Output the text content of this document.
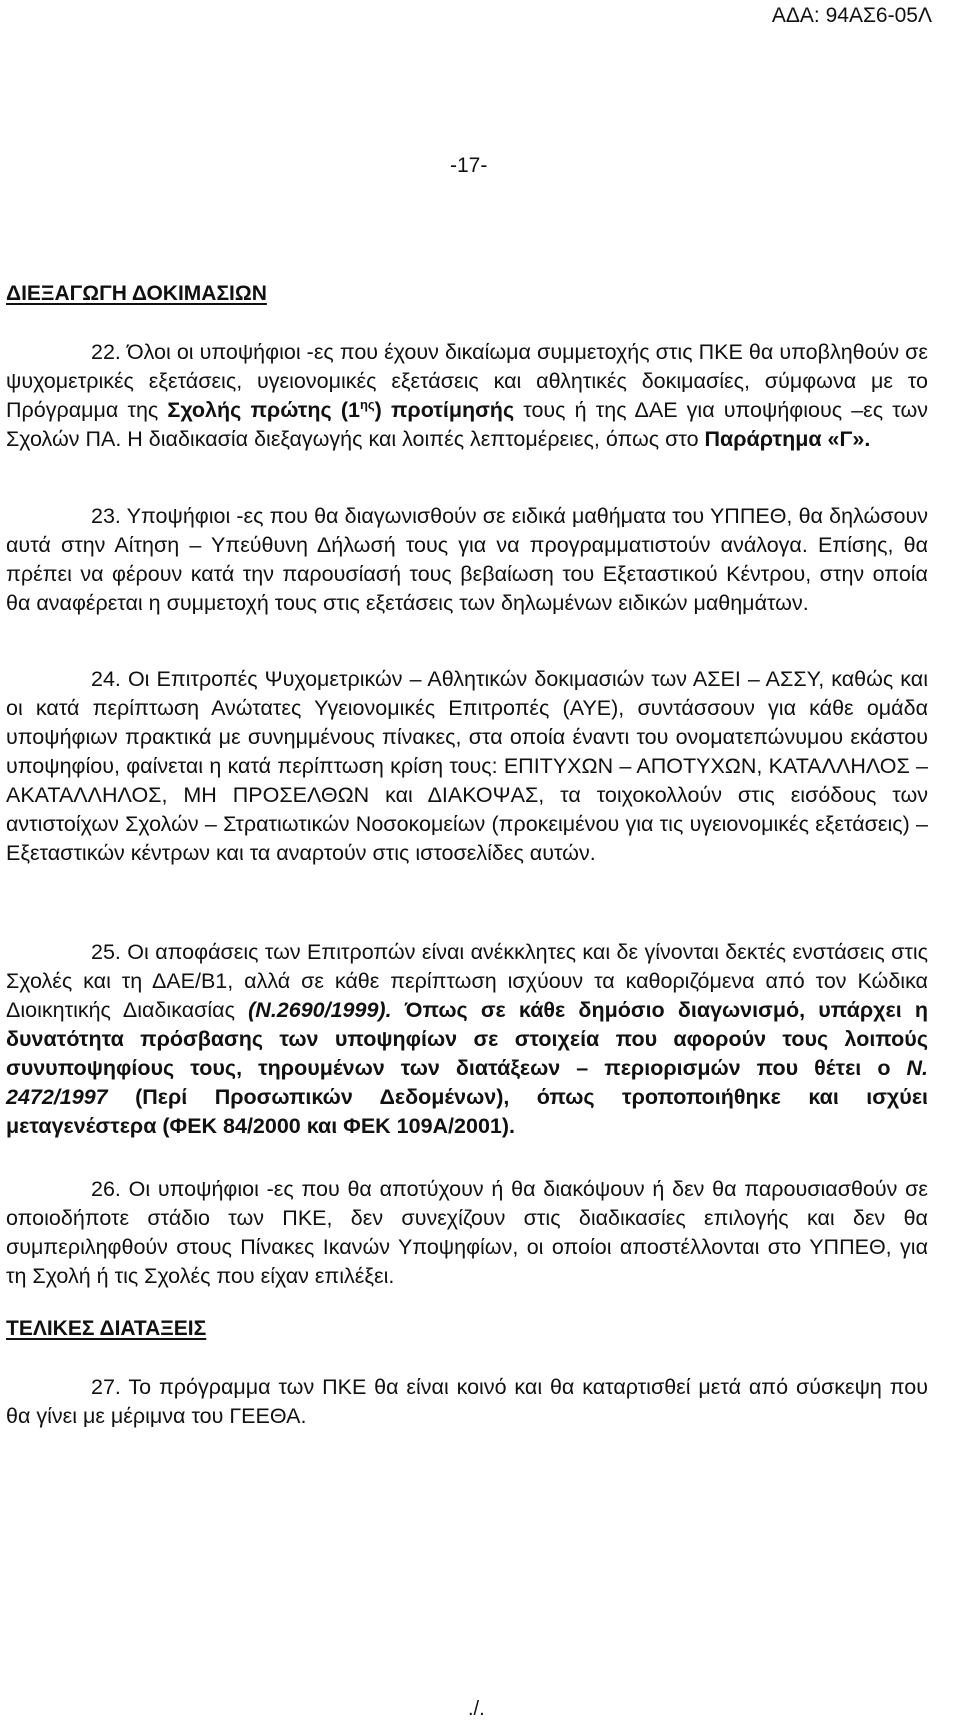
ΑΔΑ: 94ΑΣ6-05Λ
-17-
ΔΙΕΞΑΓΩΓΗ ΔΟΚΙΜΑΣΙΩΝ

22. Όλοι οι υποψήφιοι -ες που έχουν δικαίωμα συμμετοχής στις ΠΚΕ θα υποβληθούν σε ψυχομετρικές εξετάσεις, υγειονομικές εξετάσεις και αθλητικές δοκιμασίες, σύμφωνα με το Πρόγραμμα της Σχολής πρώτης $(1^{\eta\varsigma})$ προτίμησής τους ή της ΔΑΕ για υποψήφιους –ες των Σχολών ΠΑ. Η διαδικασία διεξαγωγής και λοιπές λεπτομέρειες, όπως στο Παράρτημα «Γ».

23. Υποψήφιοι -ες που θα διαγωνισθούν σε ειδικά μαθήματα του ΥΠΠΕΘ, θα δηλώσουν αυτά στην Αίτηση – Υπεύθυνη Δήλωσή τους για να προγραμματιστούν ανάλογα. Επίσης, θα πρέπει να φέρουν κατά την παρουσίασή τους βεβαίωση του Εξεταστικού Κέντρου, στην οποία θα αναφέρεται η συμμετοχή τους στις εξετάσεις των δηλωμένων ειδικών μαθημάτων.

24. Οι Επιτροπές Ψυχομετρικών – Αθλητικών δοκιμασιών των ΑΣΕΙ – ΑΣΣΥ, καθώς και οι κατά περίπτωση Ανώτατες Υγειονομικές Επιτροπές (ΑΥΕ), συντάσσουν για κάθε ομάδα υποψήφιων πρακτικά με συνημμένους πίνακες, στα οποία έναντι του ονοματεπώνυμου εκάστου υποψηφίου, φαίνεται η κατά περίπτωση κρίση τους: ΕΠΙΤΥΧΩΝ – ΑΠΟΤΥΧΩΝ, ΚΑΤΑΛΛΗΛΟΣ – ΑΚΑΤΑΛΛΗΛΟΣ, ΜΗ ΠΡΟΣΕΛΘΩΝ και ΔΙΑΚΟΨΑΣ, τα τοιχοκολλούν στις εισόδους των αντιστοίχων Σχολών – Στρατιωτικών Νοσοκομείων (προκειμένου για τις υγειονομικές εξετάσεις) – Εξεταστικών κέντρων και τα αναρτούν στις ιστοσελίδες αυτών.

25. Οι αποφάσεις των Επιτροπών είναι ανέκκλητες και δε γίνονται δεκτές ενστάσεις στις Σχολές και τη ΔΑΕ/Β1, αλλά σε κάθε περίπτωση ισχύουν τα καθοριζόμενα από τον Κώδικα Διοικητικής Διαδικασίας (Ν.2690/1999). Όπως σε κάθε δημόσιο διαγωνισμό, υπάρχει η δυνατότητα πρόσβασης των υποψηφίων σε στοιχεία που αφορούν τους λοιπούς συνυποψηφίους τους, τηρουμένων των διατάξεων – περιορισμών που θέτει ο Ν. 2472/1997 (Περί Προσωπικών Δεδομένων), όπως τροποποιήθηκε και ισχύει μεταγενέστερα (ΦΕΚ 84/2000 και ΦΕΚ 109Α/2001).

26. Οι υποψήφιοι -ες που θα αποτύχουν ή θα διακόψουν ή δεν θα παρουσιασθούν σε οποιοδήποτε στάδιο των ΠΚΕ, δεν συνεχίζουν στις διαδικασίες επιλογής και δεν θα συμπεριληφθούν στους Πίνακες Ικανών Υποψηφίων, οι οποίοι αποστέλλονται στο ΥΠΠΕΘ, για τη Σχολή ή τις Σχολές που είχαν επιλέξει.

ΤΕΛΙΚΕΣ ΔΙΑΤΑΞΕΙΣ

27. Το πρόγραμμα των ΠΚΕ θα είναι κοινό και θα καταρτισθεί μετά από σύσκεψη που θα γίνει με μέριμνα του ΓΕΕΘΑ.

./.
